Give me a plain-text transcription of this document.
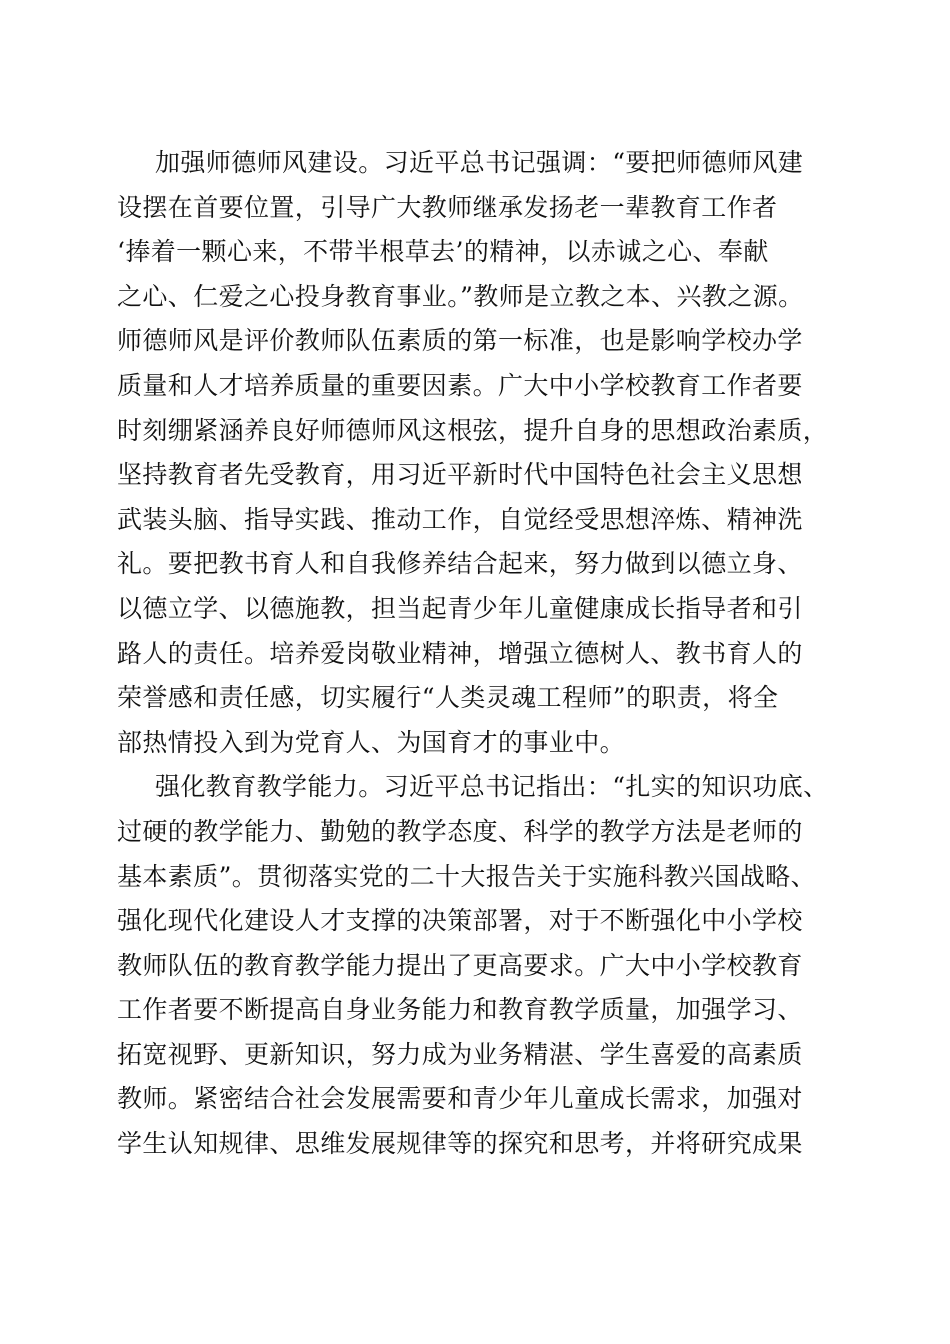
加强师德师风建设。习近平总书记强调：“要把师德师风建
设摆在首要位置，引导广大教师继承发扬老一辈教育工作者
‘捧着一颗心来，不带半根草去’的精神，以赤诚之心、奉献
之心、仁爱之心投身教育事业。”教师是立教之本、兴教之源。
师德师风是评价教师队伍素质的第一标准，也是影响学校办学
质量和人才培养质量的重要因素。广大中小学校教育工作者要
时刻绷紧涵养良好师德师风这根弦，提升自身的思想政治素质，
坚持教育者先受教育，用习近平新时代中国特色社会主义思想
武装头脑、指导实践、推动工作，自觉经受思想淬炼、精神洗
礼。要把教书育人和自我修养结合起来，努力做到以德立身、
以德立学、以德施教，担当起青少年儿童健康成长指导者和引
路人的责任。培养爱岗敬业精神，增强立德树人、教书育人的
荣誉感和责任感，切实履行“人类灵魂工程师”的职责，将全
部热情投入到为党育人、为国育才的事业中。
强化教育教学能力。习近平总书记指出：“扎实的知识功底、
过硬的教学能力、勤勉的教学态度、科学的教学方法是老师的
基本素质”。贯彻落实党的二十大报告关于实施科教兴国战略、
强化现代化建设人才支撑的决策部署，对于不断强化中小学校
教师队伍的教育教学能力提出了更高要求。广大中小学校教育
工作者要不断提高自身业务能力和教育教学质量，加强学习、
拓宽视野、更新知识，努力成为业务精湛、学生喜爱的高素质
教师。紧密结合社会发展需要和青少年儿童成长需求，加强对
学生认知规律、思维发展规律等的探究和思考，并将研究成果
